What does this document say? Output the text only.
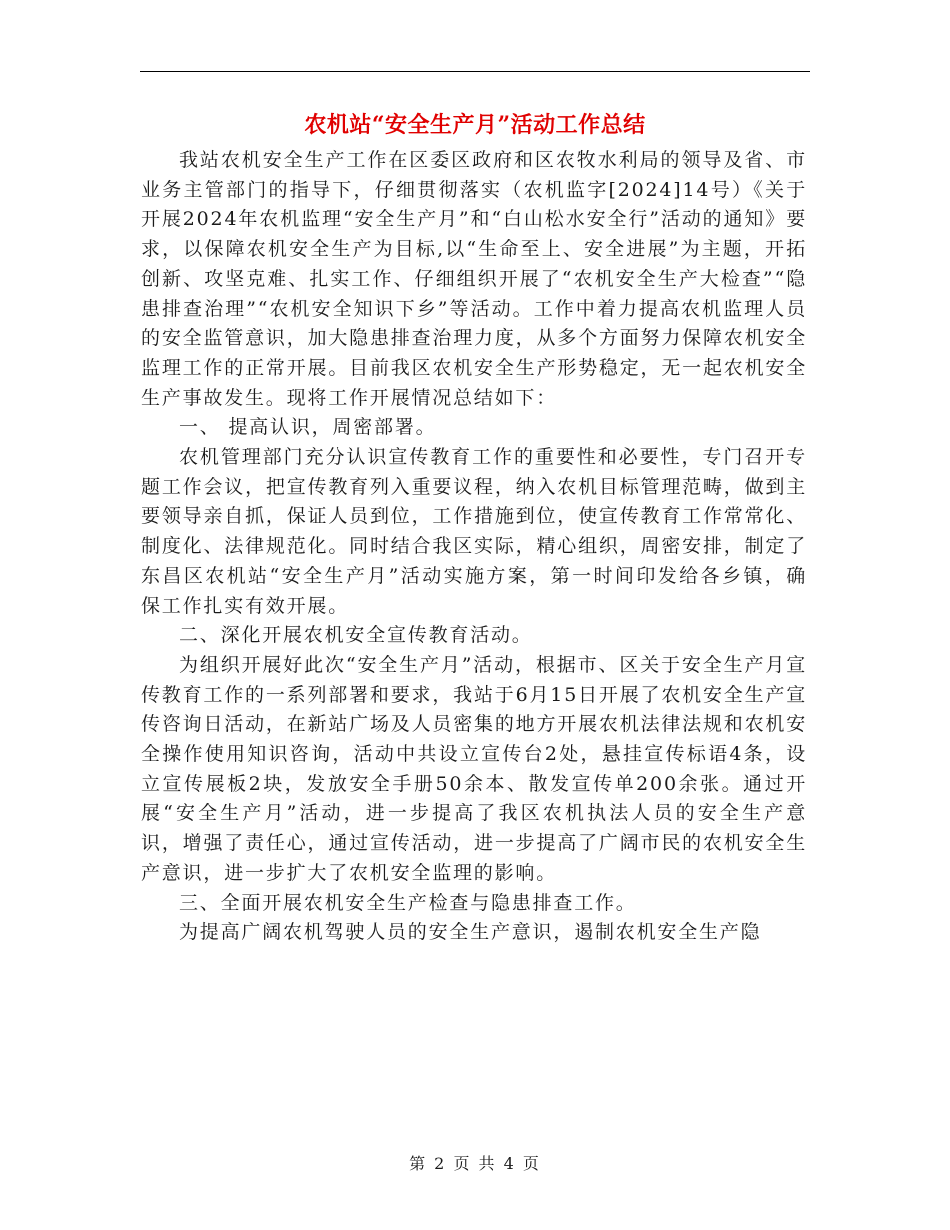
农机站“安全生产月”活动工作总结

我站农机安全生产工作在区委区政府和区农牧水利局的领导及省、市业务主管部门的指导下，仔细贯彻落实（农机监字[2024]14号）《关于开展2024年农机监理“安全生产月”和“白山松水安全行”活动的通知》要求，以保障农机安全生产为目标,以“生命至上、安全进展”为主题，开拓创新、攻坚克难、扎实工作、仔细组织开展了“农机安全生产大检查”“隐患排查治理”“农机安全知识下乡”等活动。工作中着力提高农机监理人员的安全监管意识，加大隐患排查治理力度，从多个方面努力保障农机安全监理工作的正常开展。目前我区农机安全生产形势稳定，无一起农机安全生产事故发生。现将工作开展情况总结如下：

一、 提高认识，周密部署。

农机管理部门充分认识宣传教育工作的重要性和必要性，专门召开专题工作会议，把宣传教育列入重要议程，纳入农机目标管理范畴，做到主要领导亲自抓，保证人员到位，工作措施到位，使宣传教育工作常常化、制度化、法律规范化。同时结合我区实际，精心组织，周密安排，制定了东昌区农机站“安全生产月”活动实施方案，第一时间印发给各乡镇，确保工作扎实有效开展。

二、深化开展农机安全宣传教育活动。

为组织开展好此次“安全生产月”活动，根据市、区关于安全生产月宣传教育工作的一系列部署和要求，我站于6月15日开展了农机安全生产宣传咨询日活动，在新站广场及人员密集的地方开展农机法律法规和农机安全操作使用知识咨询，活动中共设立宣传台2处，悬挂宣传标语4条，设立宣传展板2块，发放安全手册50余本、散发宣传单200余张。通过开展“安全生产月”活动，进一步提高了我区农机执法人员的安全生产意识，增强了责任心，通过宣传活动，进一步提高了广阔市民的农机安全生产意识，进一步扩大了农机安全监理的影响。

三、全面开展农机安全生产检查与隐患排查工作。

为提高广阔农机驾驶人员的安全生产意识，遏制农机安全生产隐

第 2 页 共 4 页
